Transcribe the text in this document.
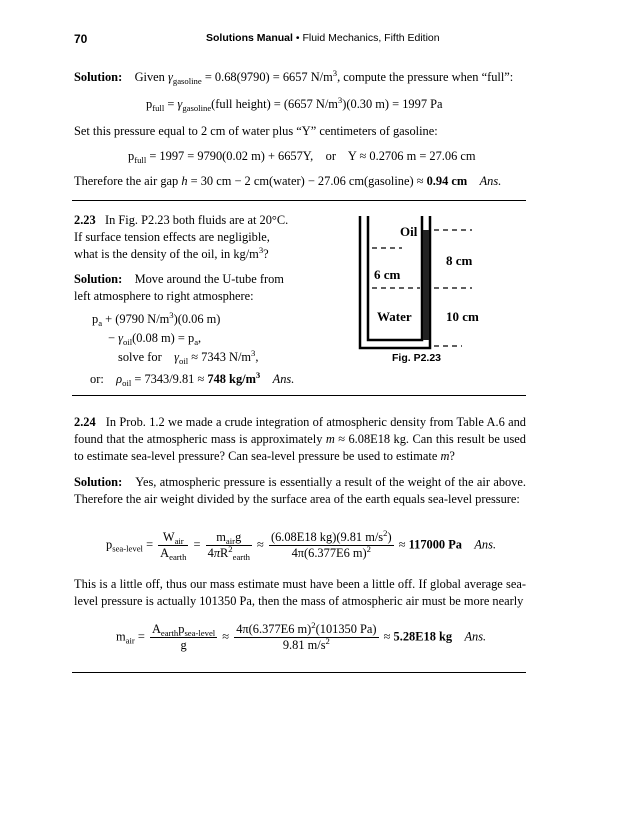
70	Solutions Manual • Fluid Mechanics, Fifth Edition
Solution: Given $\gamma_{gasoline} = 0.68(9790) = 6657$ $N/m^3$, compute the pressure when “full”:
$p_{full}$ = $\gamma_{gasoline}(full$ height) = (6657 $N/m^3)(0.30$ m) = 1997 Pa
Set this pressure equal to 2 cm of water plus “Y” centimeters of gasoline:
$p_{full} = 1997 = 9790(0.02$ m) + 6657Y, or Y ≈ 0.2706 m = 27.06 cm
Therefore the air gap h = 30 cm − 2 cm(water) − 27.06 cm(gasoline) ≈ 0.94 cm Ans.
2.23 In Fig. P2.23 both fluids are at 20°C.
If surface tension effects are negligible,
what is the density of the oil, in $kg/m^3$?
Solution: Move around the U-tube from
left atmosphere to right atmosphere:
$p_a + (9790$ $N/m^3)(0.06$ m)
− $\gamma_{oil}(0.08$ $m) = p_a$,
solve for $\gamma_{oil} \approx 7343$ $N/m^3$,
or: $\rho_{oil} = 7343/9.81 \approx 748$ $kg/m^3$ Ans.
Oil
8 cm
6 cm
Water	10 cm
Fig. P2.23
2.24 In Prob. 1.2 we made a crude integration of atmospheric density from Table A.6 and found that the atmospheric mass is approximately m ≈ 6.08E18 kg. Can this result be used to estimate sea-level pressure? Can sea-level pressure be used to estimate m?
Solution: Yes, atmospheric pressure is essentially a result of the weight of the air above. Therefore the air weight divided by the surface area of the earth equals sea-level pressure:
$p_{sea-level} = \frac{W_{air}}{A_{earth}} = \frac{m_{air}g}{4\pi R^2_{earth}} \approx \frac{(6.08E18 kg)(9.81 m/s^2)}{4\pi(6.377E6 m)^2} \approx 117000$ Pa Ans.
This is a little off, thus our mass estimate must have been a little off. If global average sea-level pressure is actually 101350 Pa, then the mass of atmospheric air must be more nearly
$m_{air} = \frac{A_{earth}p_{sea-level}}{g} \approx \frac{4\pi(6.377E6 m)^2(101350 Pa)}{9.81 m/s^2} \approx 5.28E18$ kg Ans.
